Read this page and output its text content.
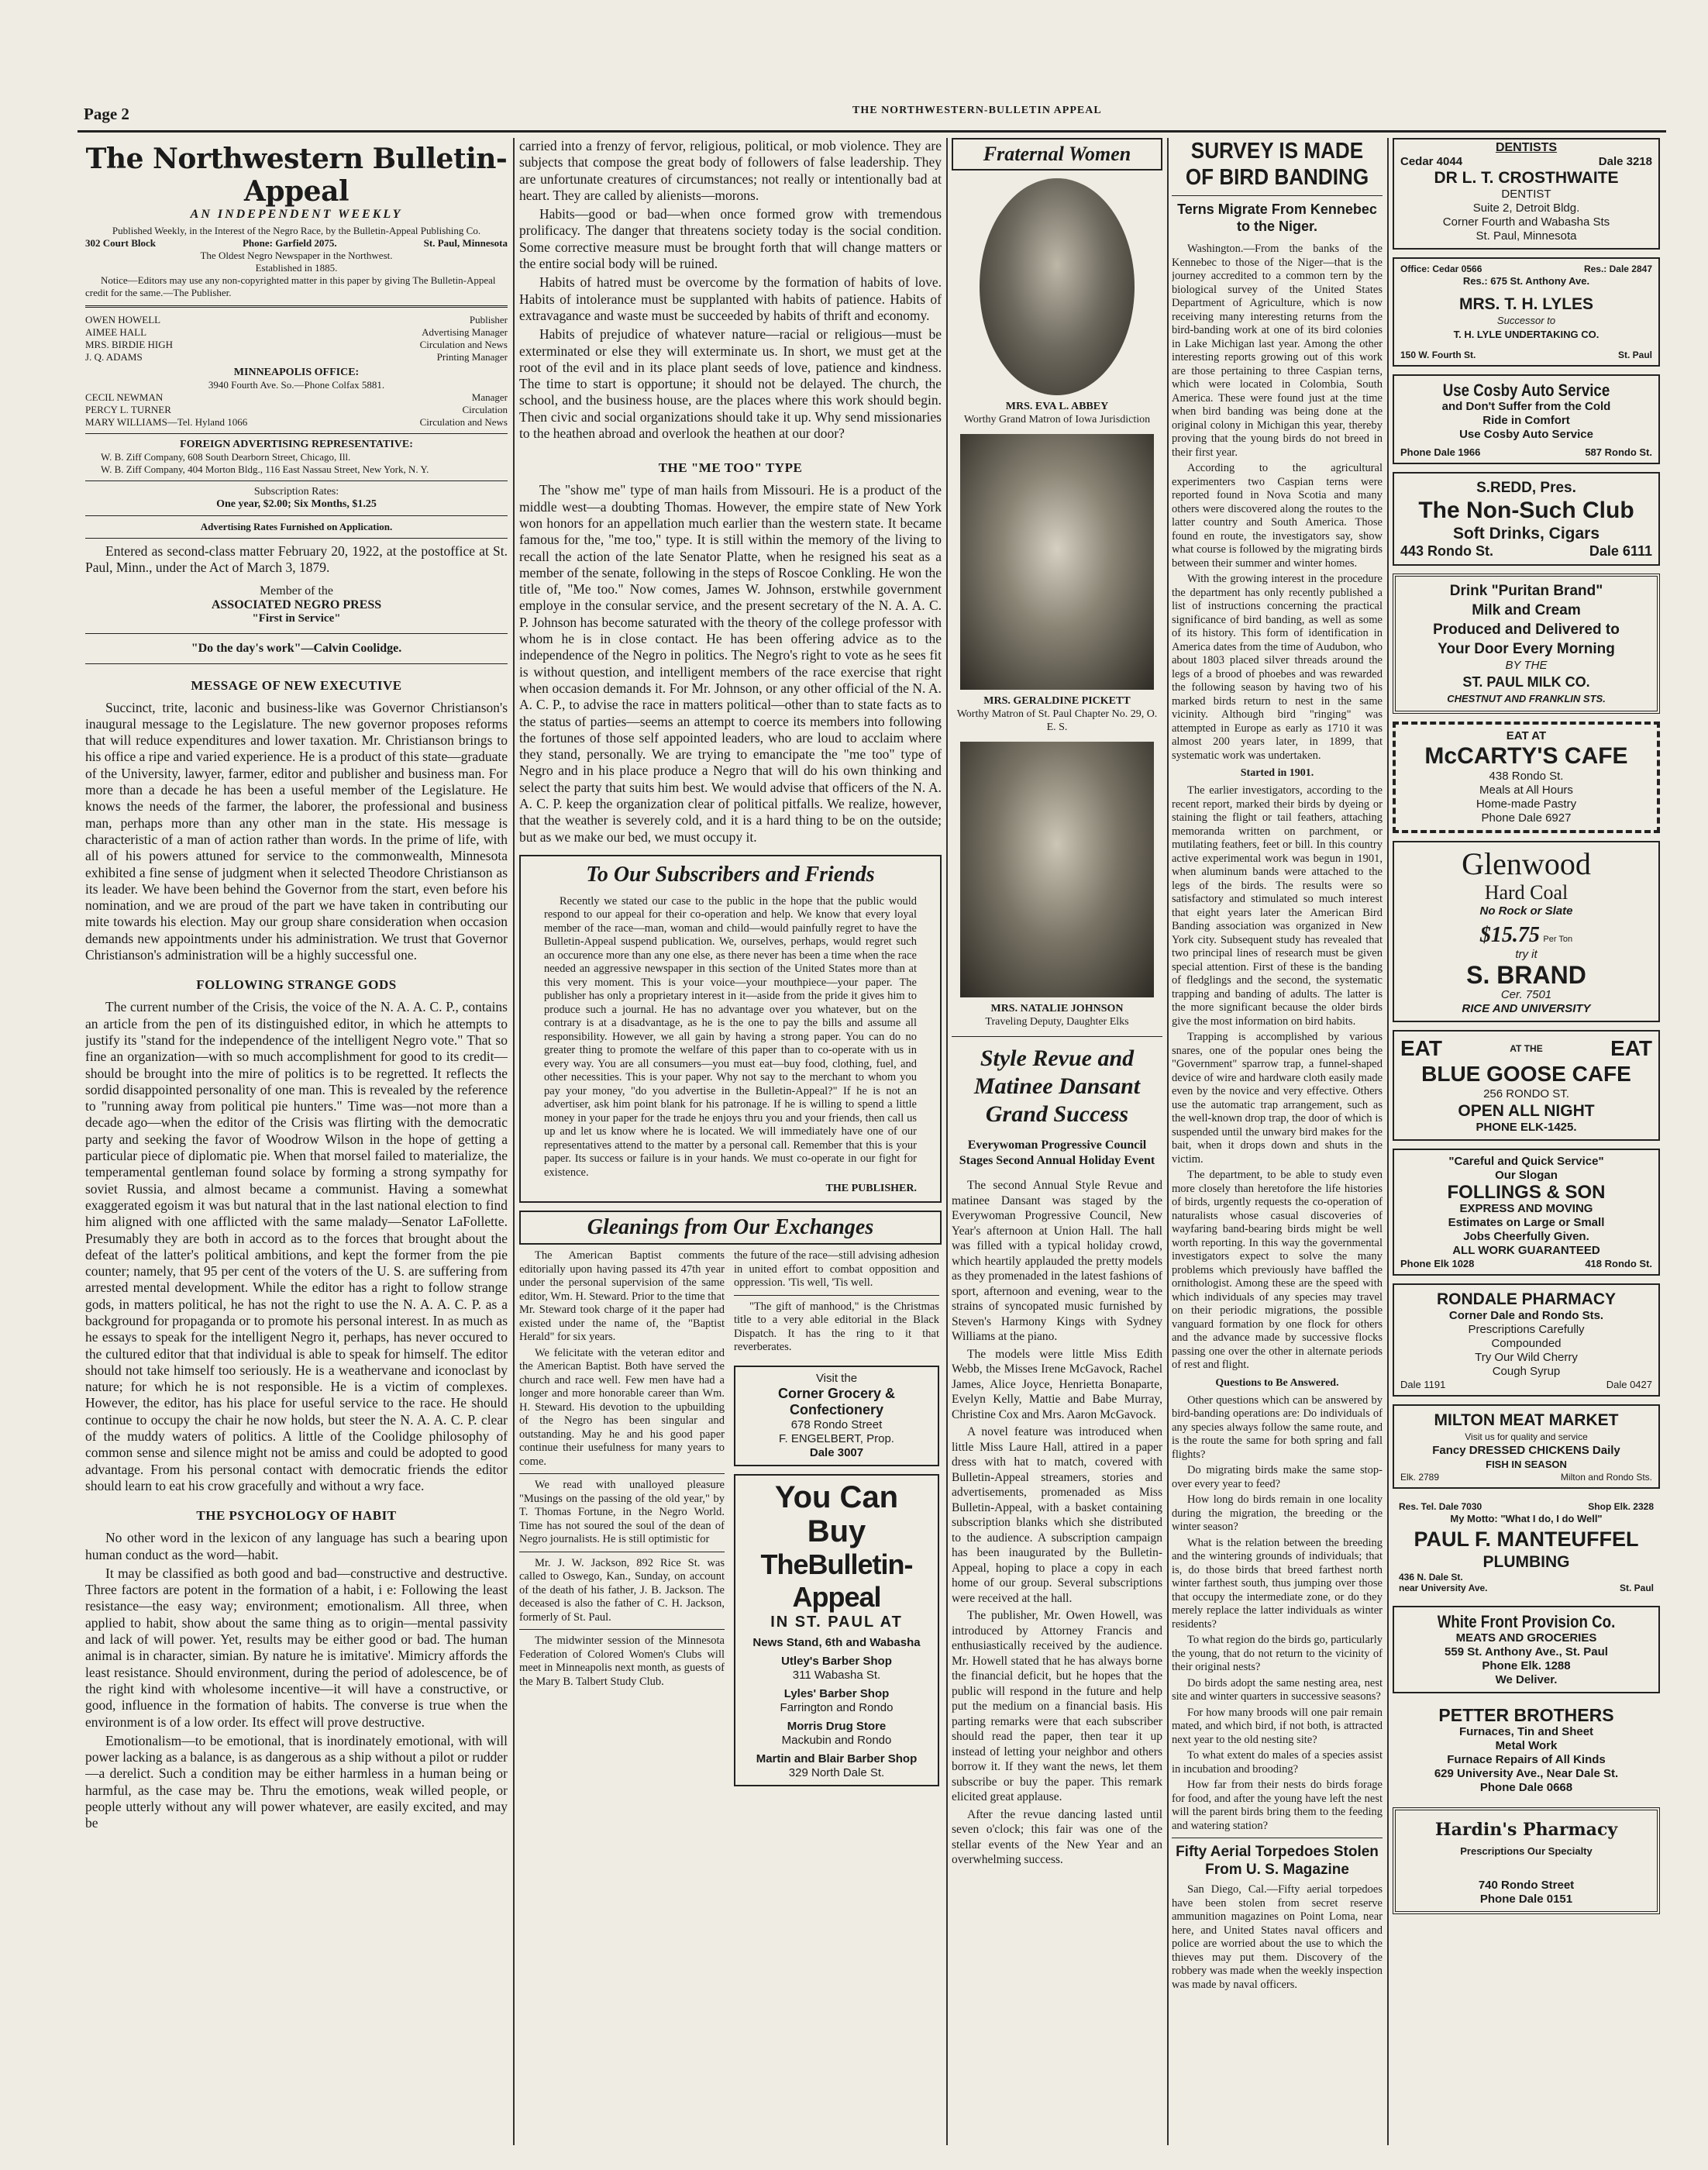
Page 2	THE NORTHWESTERN-BULLETIN APPEAL
The Northwestern Bulletin-Appeal
AN INDEPENDENT WEEKLY
Published Weekly, in the Interest of the Negro Race, by the Bulletin-Appeal Publishing Co.
302 Court Block	Phone: Garfield 2075.	St. Paul, Minnesota
The Oldest Negro Newspaper in the Northwest.
Established in 1885.
Notice—Editors may use any non-copyrighted matter in this paper by giving The Bulletin-Appeal credit for the same.—The Publisher.
OWEN HOWELL	Publisher
AIMEE HALL	Advertising Manager
MRS. BIRDIE HIGH	Circulation and News
J. Q. ADAMS	Printing Manager
MINNEAPOLIS OFFICE:
3940 Fourth Ave. So.—Phone Colfax 5881.
CECIL NEWMAN	Manager
PERCY L. TURNER	Circulation
MARY WILLIAMS—Tel. Hyland 1066	Circulation and News
FOREIGN ADVERTISING REPRESENTATIVE:
W. B. Ziff Company, 608 South Dearborn Street, Chicago, Ill.
W. B. Ziff Company, 404 Morton Bldg., 116 East Nassau Street, New York, N. Y.
Subscription Rates:
One year, $2.00; Six Months, $1.25
Advertising Rates Furnished on Application.
Entered as second-class matter February 20, 1922, at the postoffice at St. Paul, Minn., under the Act of March 3, 1879.
Member of the
ASSOCIATED NEGRO PRESS
"First in Service"
"Do the day's work"—Calvin Coolidge.
MESSAGE OF NEW EXECUTIVE

Succinct, trite, laconic and business-like was Governor Christianson's inaugural message to the Legislature. The new governor proposes reforms that will reduce expenditures and lower taxation. Mr. Christianson brings to his office a ripe and varied experience. He is a product of this state—graduate of the University, lawyer, farmer, editor and publisher and business man. For more than a decade he has been a useful member of the Legislature. He knows the needs of the farmer, the laborer, the professional and business man, perhaps more than any other man in the state. His message is characteristic of a man of action rather than words. In the prime of life, with all of his powers attuned for service to the commonwealth, Minnesota exhibited a fine sense of judgment when it selected Theodore Christianson as its leader. We have been behind the Governor from the start, even before his nomination, and we are proud of the part we have taken in contributing our mite towards his election. May our group share consideration when occasion demands new appointments under his administration. We trust that Governor Christianson's administration will be a highly successful one.

FOLLOWING STRANGE GODS

The current number of the Crisis, the voice of the N. A. A. C. P., contains an article from the pen of its distinguished editor, in which he attempts to justify its "stand for the independence of the intelligent Negro vote." That so fine an organization—with so much accomplishment for good to its credit—should be brought into the mire of politics is to be regretted. It reflects the sordid disappointed personality of one man. This is revealed by the reference to "running away from political pie hunters." Time was—not more than a decade ago—when the editor of the Crisis was flirting with the democratic party and seeking the favor of Woodrow Wilson in the hope of getting a particular piece of diplomatic pie. When that morsel failed to materialize, the temperamental gentleman found solace by forming a strong sympathy for soviet Russia, and almost became a communist. Having a somewhat exaggerated egoism it was but natural that in the last national election to find him aligned with one afflicted with the same malady—Senator LaFollette. Presumably they are both in accord as to the forces that brought about the defeat of the latter's political ambitions, and kept the former from the pie counter; namely, that 95 per cent of the voters of the U. S. are suffering from arrested mental development. While the editor has a right to follow strange gods, in matters political, he has not the right to use the N. A. A. C. P. as a background for propaganda or to promote his personal interest. In as much as he essays to speak for the intelligent Negro it, perhaps, has never occured to the cultured editor that that individual is able to speak for himself. The editor should not take himself too seriously. He is a weathervane and iconoclast by nature; for which he is not responsible. He is a victim of complexes. However, the editor, has his place for useful service to the race. He should continue to occupy the chair he now holds, but steer the N. A. A. C. P. clear of the muddy waters of politics. A little of the Coolidge philosophy of common sense and silence might not be amiss and could be adopted to good advantage. From his personal contact with democratic friends the editor should learn to eat his crow gracefully and without a wry face.

THE PSYCHOLOGY OF HABIT

No other word in the lexicon of any language has such a bearing upon human conduct as the word—habit.

It may be classified as both good and bad—constructive and destructive. Three factors are potent in the formation of a habit, i e: Following the least resistance—the easy way; environment; emotionalism. All three, when applied to habit, show about the same thing as to origin—mental passivity and lack of will power. Yet, results may be either good or bad. The human animal is in character, simian. By nature he is imitative'. Mimicry affords the least resistance. Should environment, during the period of adolescence, be of the right kind with wholesome incentive—it will have a constructive, or good, influence in the formation of habits. The converse is true when the environment is of a low order. Its effect will prove destructive.

Emotionalism—to be emotional, that is inordinately emotional, with will power lacking as a balance, is as dangerous as a ship without a pilot or rudder—a derelict. Such a condition may be either harmless in a human being or harmful, as the case may be. Thru the emotions, weak willed people, or people utterly without any will power whatever, are easily excited, and may be

carried into a frenzy of fervor, religious, political, or mob violence. They are subjects that compose the great body of followers of false leadership. They are unfortunate creatures of circumstances; not really or intentionally bad at heart. They are called by alienists—morons.

Habits—good or bad—when once formed grow with tremendous prolificacy. The danger that threatens society today is the social condition. Some corrective measure must be brought forth that will change matters or the entire social body will be ruined.

Habits of hatred must be overcome by the formation of habits of love. Habits of intolerance must be supplanted with habits of patience. Habits of extravagance and waste must be succeeded by habits of thrift and economy.

Habits of prejudice of whatever nature—racial or religious—must be exterminated or else they will exterminate us. In short, we must get at the root of the evil and in its place plant seeds of love, patience and kindness. The time to start is opportune; it should not be delayed. The church, the school, and the business house, are the places where this work should begin. Then civic and social organizations should take it up. Why send missionaries to the heathen abroad and overlook the heathen at our door?

THE "ME TOO" TYPE

The "show me" type of man hails from Missouri. He is a product of the middle west—a doubting Thomas. However, the empire state of New York won honors for an appellation much earlier than the western state. It became famous for the, "me too," type. It is still within the memory of the living to recall the action of the late Senator Platte, when he resigned his seat as a member of the senate, following in the steps of Roscoe Conkling. He won the title of, "Me too." Now comes, James W. Johnson, erstwhile government employe in the consular service, and the present secretary of the N. A. A. C. P. Johnson has become saturated with the theory of the college professor with whom he is in close contact. He has been offering advice as to the independence of the Negro in politics. The Negro's right to vote as he sees fit is without question, and intelligent members of the race exercise that right when occasion demands it. For Mr. Johnson, or any other official of the N. A. A. C. P., to advise the race in matters political—other than to state facts as to the status of parties—seems an attempt to coerce its members into following the fortunes of those self appointed leaders, who are loud to acclaim where they stand, personally. We are trying to emancipate the "me too" type of Negro and in his place produce a Negro that will do his own thinking and select the party that suits him best. We would advise that officers of the N. A. A. C. P. keep the organization clear of political pitfalls. We realize, however, that the weather is severely cold, and it is a hard thing to be on the outside; but as we make our bed, we must occupy it.

To Our Subscribers and Friends

Recently we stated our case to the public in the hope that the public would respond to our appeal for their co-operation and help. We know that every loyal member of the race—man, woman and child—would painfully regret to have the Bulletin-Appeal suspend publication. We, ourselves, perhaps, would regret such an occurence more than any one else, as there never has been a time when the race needed an aggressive newspaper in this section of the United States more than at this very moment. This is your voice—your mouthpiece—your paper. The publisher has only a proprietary interest in it—aside from the pride it gives him to produce such a journal. He has no advantage over you whatever, but on the contrary is at a disadvantage, as he is the one to pay the bills and assume all responsibility. However, we all gain by having a strong paper. You can do no greater thing to promote the welfare of this paper than to co-operate with us in every way. You are all consumers—you must eat—buy food, clothing, fuel, and other necessities. This is your paper. Why not say to the merchant to whom you pay your money, "do you advertise in the Bulletin-Appeal?" If he is not an advertiser, ask him point blank for his patronage. If he is willing to spend a little money in your paper for the trade he enjoys thru you and your friends, then call us up and let us know where he is located. We will immediately have one of our representatives attend to the matter by a personal call. Remember that this is your paper. Its success or failure is in your hands. We must co-operate in our fight for existence.

THE PUBLISHER.
Gleanings from Our Exchanges

The American Baptist comments editorially upon having passed its 47th year under the personal supervision of the same editor, Wm. H. Steward. Prior to the time that Mr. Steward took charge of it the paper had existed under the name of, the "Baptist Herald" for six years.

We felicitate with the veteran editor and the American Baptist. Both have served the church and race well. Few men have had a longer and more honorable career than Wm. H. Steward. His devotion to the upbuilding of the Negro has been singular and outstanding. May he and his good paper continue their usefulness for many years to come.

We read with unalloyed pleasure "Musings on the passing of the old year," by T. Thomas Fortune, in the Negro World. Time has not soured the soul of the dean of Negro journalists. He is still optimistic for

Mr. J. W. Jackson, 892 Rice St. was called to Oswego, Kan., Sunday, on account of the death of his father, J. B. Jackson. The deceased is also the father of C. H. Jackson, formerly of St. Paul.

The midwinter session of the Minnesota Federation of Colored Women's Clubs will meet in Minneapolis next month, as guests of the Mary B. Talbert Study Club.

the future of the race—still advising adhesion in united effort to combat opposition and oppression. 'Tis well, 'Tis well.

"The gift of manhood," is the Christmas title to a very able editorial in the Black Dispatch. It has the ring to it that reverberates.

Visit the
Corner Grocery & Confectionery
678 Rondo Street
F. ENGELBERT, Prop.
Dale 3007
You Can Buy
TheBulletin-Appeal
IN ST. PAUL AT
News Stand, 6th and Wabasha
Utley's Barber Shop
311 Wabasha St.
Lyles' Barber Shop
Farrington and Rondo
Morris Drug Store
Mackubin and Rondo
Martin and Blair Barber Shop
329 North Dale St.
Fraternal Women
MRS. EVA L. ABBEY
Worthy Grand Matron of Iowa Jurisdiction
MRS. GERALDINE PICKETT
Worthy Matron of St. Paul Chapter No. 29, O. E. S.
MRS. NATALIE JOHNSON
Traveling Deputy, Daughter Elks
Style Revue and Matinee Dansant Grand Success
Everywoman Progressive Council Stages Second Annual Holiday Event

The second Annual Style Revue and matinee Dansant was staged by the Everywoman Progressive Council, New Year's afternoon at Union Hall. The hall was filled with a typical holiday crowd, which heartily applauded the pretty models as they promenaded in the latest fashions of sport, afternoon and evening, wear to the strains of syncopated music furnished by Steven's Harmony Kings with Sydney Williams at the piano.

The models were little Miss Edith Webb, the Misses Irene McGavock, Rachel James, Alice Joyce, Henrietta Bonaparte, Evelyn Kelly, Mattie and Babe Murray, Christine Cox and Mrs. Aaron McGavock.

A novel feature was introduced when little Miss Laure Hall, attired in a paper dress with hat to match, covered with Bulletin-Appeal streamers, stories and advertisements, promenaded as Miss Bulletin-Appeal, with a basket containing subscription blanks which she distributed to the audience. A subscription campaign has been inaugurated by the Bulletin-Appeal, hoping to place a copy in each home of our group. Several subscriptions were received at the hall.

The publisher, Mr. Owen Howell, was introduced by Attorney Francis and enthusiastically received by the audience. Mr. Howell stated that he has always borne the financial deficit, but he hopes that the public will respond in the future and help put the medium on a financial basis. His parting remarks were that each subscriber should read the paper, then tear it up instead of letting your neighbor and others borrow it. If they want the news, let them subscribe or buy the paper. This remark elicited great applause.

After the revue dancing lasted until seven o'clock; this fair was one of the stellar events of the New Year and an overwhelming success.

SURVEY IS MADE OF BIRD BANDING
Terns Migrate From Kennebec to the Niger.

Washington.—From the banks of the Kennebec to those of the Niger—that is the journey accredited to a common tern by the biological survey of the United States Department of Agriculture, which is now receiving many interesting returns from the bird-banding work at one of its bird colonies in Lake Michigan last year. Among the other interesting reports growing out of this work are those pertaining to three Caspian terns, which were located in Colombia, South America. These were found just at the time when bird banding was being done at the original colony in Michigan this year, thereby proving that the young birds do not breed in their first year.

According to the agricultural experimenters two Caspian terns were reported found in Nova Scotia and many others were discovered along the routes to the latter country and South America. Those found en route, the investigators say, show what course is followed by the migrating birds between their summer and winter homes.

With the growing interest in the procedure the department has only recently published a list of instructions concerning the practical significance of bird banding, as well as some of its history. This form of identification in America dates from the time of Audubon, who about 1803 placed silver threads around the legs of a brood of phoebes and was rewarded the following season by having two of his marked birds return to nest in the same vicinity. Although bird "ringing" was attempted in Europe as early as 1710 it was almost 200 years later, in 1899, that systematic work was undertaken.

Started in 1901.

The earlier investigators, according to the recent report, marked their birds by dyeing or staining the flight or tail feathers, attaching memoranda written on parchment, or mutilating feathers, feet or bill. In this country active experimental work was begun in 1901, when aluminum bands were attached to the legs of the birds. The results were so satisfactory and stimulated so much interest that eight years later the American Bird Banding association was organized in New York city. Subsequent study has revealed that two principal lines of research must be given special attention. First of these is the banding of fledglings and the second, the systematic trapping and banding of adults. The latter is the more significant because the older birds give the most information on bird habits.

Trapping is accomplished by various snares, one of the popular ones being the "Government" sparrow trap, a funnel-shaped device of wire and hardware cloth easily made even by the novice and very effective. Others use the automatic trap arrangement, such as the well-known drop trap, the door of which is suspended until the unwary bird makes for the bait, when it drops down and shuts in the victim.

The department, to be able to study even more closely than heretofore the life histories of birds, urgently requests the co-operation of naturalists whose casual discoveries of wayfaring band-bearing birds might be well worth reporting. In this way the governmental investigators expect to solve the many problems which previously have baffled the ornithologist. Among these are the speed with which individuals of any species may travel on their periodic migrations, the possible vanguard formation by one flock for others and the advance made by successive flocks passing one over the other in alternate periods of rest and flight.

Questions to Be Answered.

Other questions which can be answered by bird-banding operations are: Do individuals of any species always follow the same route, and is the route the same for both spring and fall flights?

Do migrating birds make the same stop-over every year to feed?

How long do birds remain in one locality during the migration, the breeding or the winter season?

What is the relation between the breeding and the wintering grounds of individuals; that is, do those birds that breed farthest north winter farthest south, thus jumping over those that occupy the intermediate zone, or do they merely replace the latter individuals as winter residents?

To what region do the birds go, particularly the young, that do not return to the vicinity of their original nests?

Do birds adopt the same nesting area, nest site and winter quarters in successive seasons?

For how many broods will one pair remain mated, and which bird, if not both, is attracted next year to the old nesting site?

To what extent do males of a species assist in incubation and brooding?

How far from their nests do birds forage for food, and after the young have left the nest will the parent birds bring them to the feeding and watering station?

Fifty Aerial Torpedoes Stolen From U. S. Magazine

San Diego, Cal.—Fifty aerial torpedoes have been stolen from secret reserve ammunition magazines on Point Loma, near here, and United States naval officers and police are worried about the use to which the thieves may put them. Discovery of the robbery was made when the weekly inspection was made by naval officers.

DENTISTS
Cedar 4044	Dale 3218
DR L. T. CROSTHWAITE
DENTIST
Suite 2, Detroit Bldg.
Corner Fourth and Wabasha Sts
St. Paul, Minnesota
Office: Cedar 0566	Res.: Dale 2847
Res.: 675 St. Anthony Ave.
MRS. T. H. LYLES
Successor to
T. H. LYLE UNDERTAKING CO.
150 W. Fourth St.	St. Paul
Use Cosby Auto Service
and Don't Suffer from the Cold
Ride in Comfort
Use Cosby Auto Service
Phone Dale 1966	587 Rondo St.
S.REDD, Pres.
The Non-Such Club
Soft Drinks, Cigars
443 Rondo St.	Dale 6111
Drink "Puritan Brand"
Milk and Cream
Produced and Delivered to
Your Door Every Morning
BY THE
ST. PAUL MILK CO.
CHESTNUT AND FRANKLIN STS.
EAT AT
McCARTY'S CAFE
438 Rondo St.
Meals at All Hours
Home-made Pastry
Phone Dale 6927
Glenwood
Hard Coal
No Rock or Slate
$15.75 Per Ton
try it
S. BRAND
Cer. 7501
RICE AND UNIVERSITY
EAT	AT THE	EAT
BLUE GOOSE CAFE
256 RONDO ST.
OPEN ALL NIGHT
PHONE ELK-1425.
"Careful and Quick Service"
Our Slogan
FOLLINGS & SON
EXPRESS AND MOVING
Estimates on Large or Small
Jobs Cheerfully Given.
ALL WORK GUARANTEED
Phone Elk 1028	418 Rondo St.
RONDALE PHARMACY
Corner Dale and Rondo Sts.
Prescriptions Carefully
Compounded
Try Our Wild Cherry
Cough Syrup
Dale 1191	Dale 0427
MILTON MEAT MARKET
Visit us for quality and service
Fancy DRESSED CHICKENS Daily
FISH IN SEASON
Elk. 2789	Milton and Rondo Sts.
Res. Tel. Dale 7030	Shop Elk. 2328
My Motto: "What I do, I do Well"
PAUL F. MANTEUFFEL
PLUMBING
436 N. Dale St.
near University Ave.	St. Paul
White Front Provision Co.
MEATS AND GROCERIES
559 St. Anthony Ave., St. Paul
Phone Elk. 1288
We Deliver.
PETTER BROTHERS
Furnaces, Tin and Sheet
Metal Work
Furnace Repairs of All Kinds
629 University Ave., Near Dale St.
Phone Dale 0668
Hardin's Pharmacy
Prescriptions Our Specialty
740 Rondo Street
Phone Dale 0151
